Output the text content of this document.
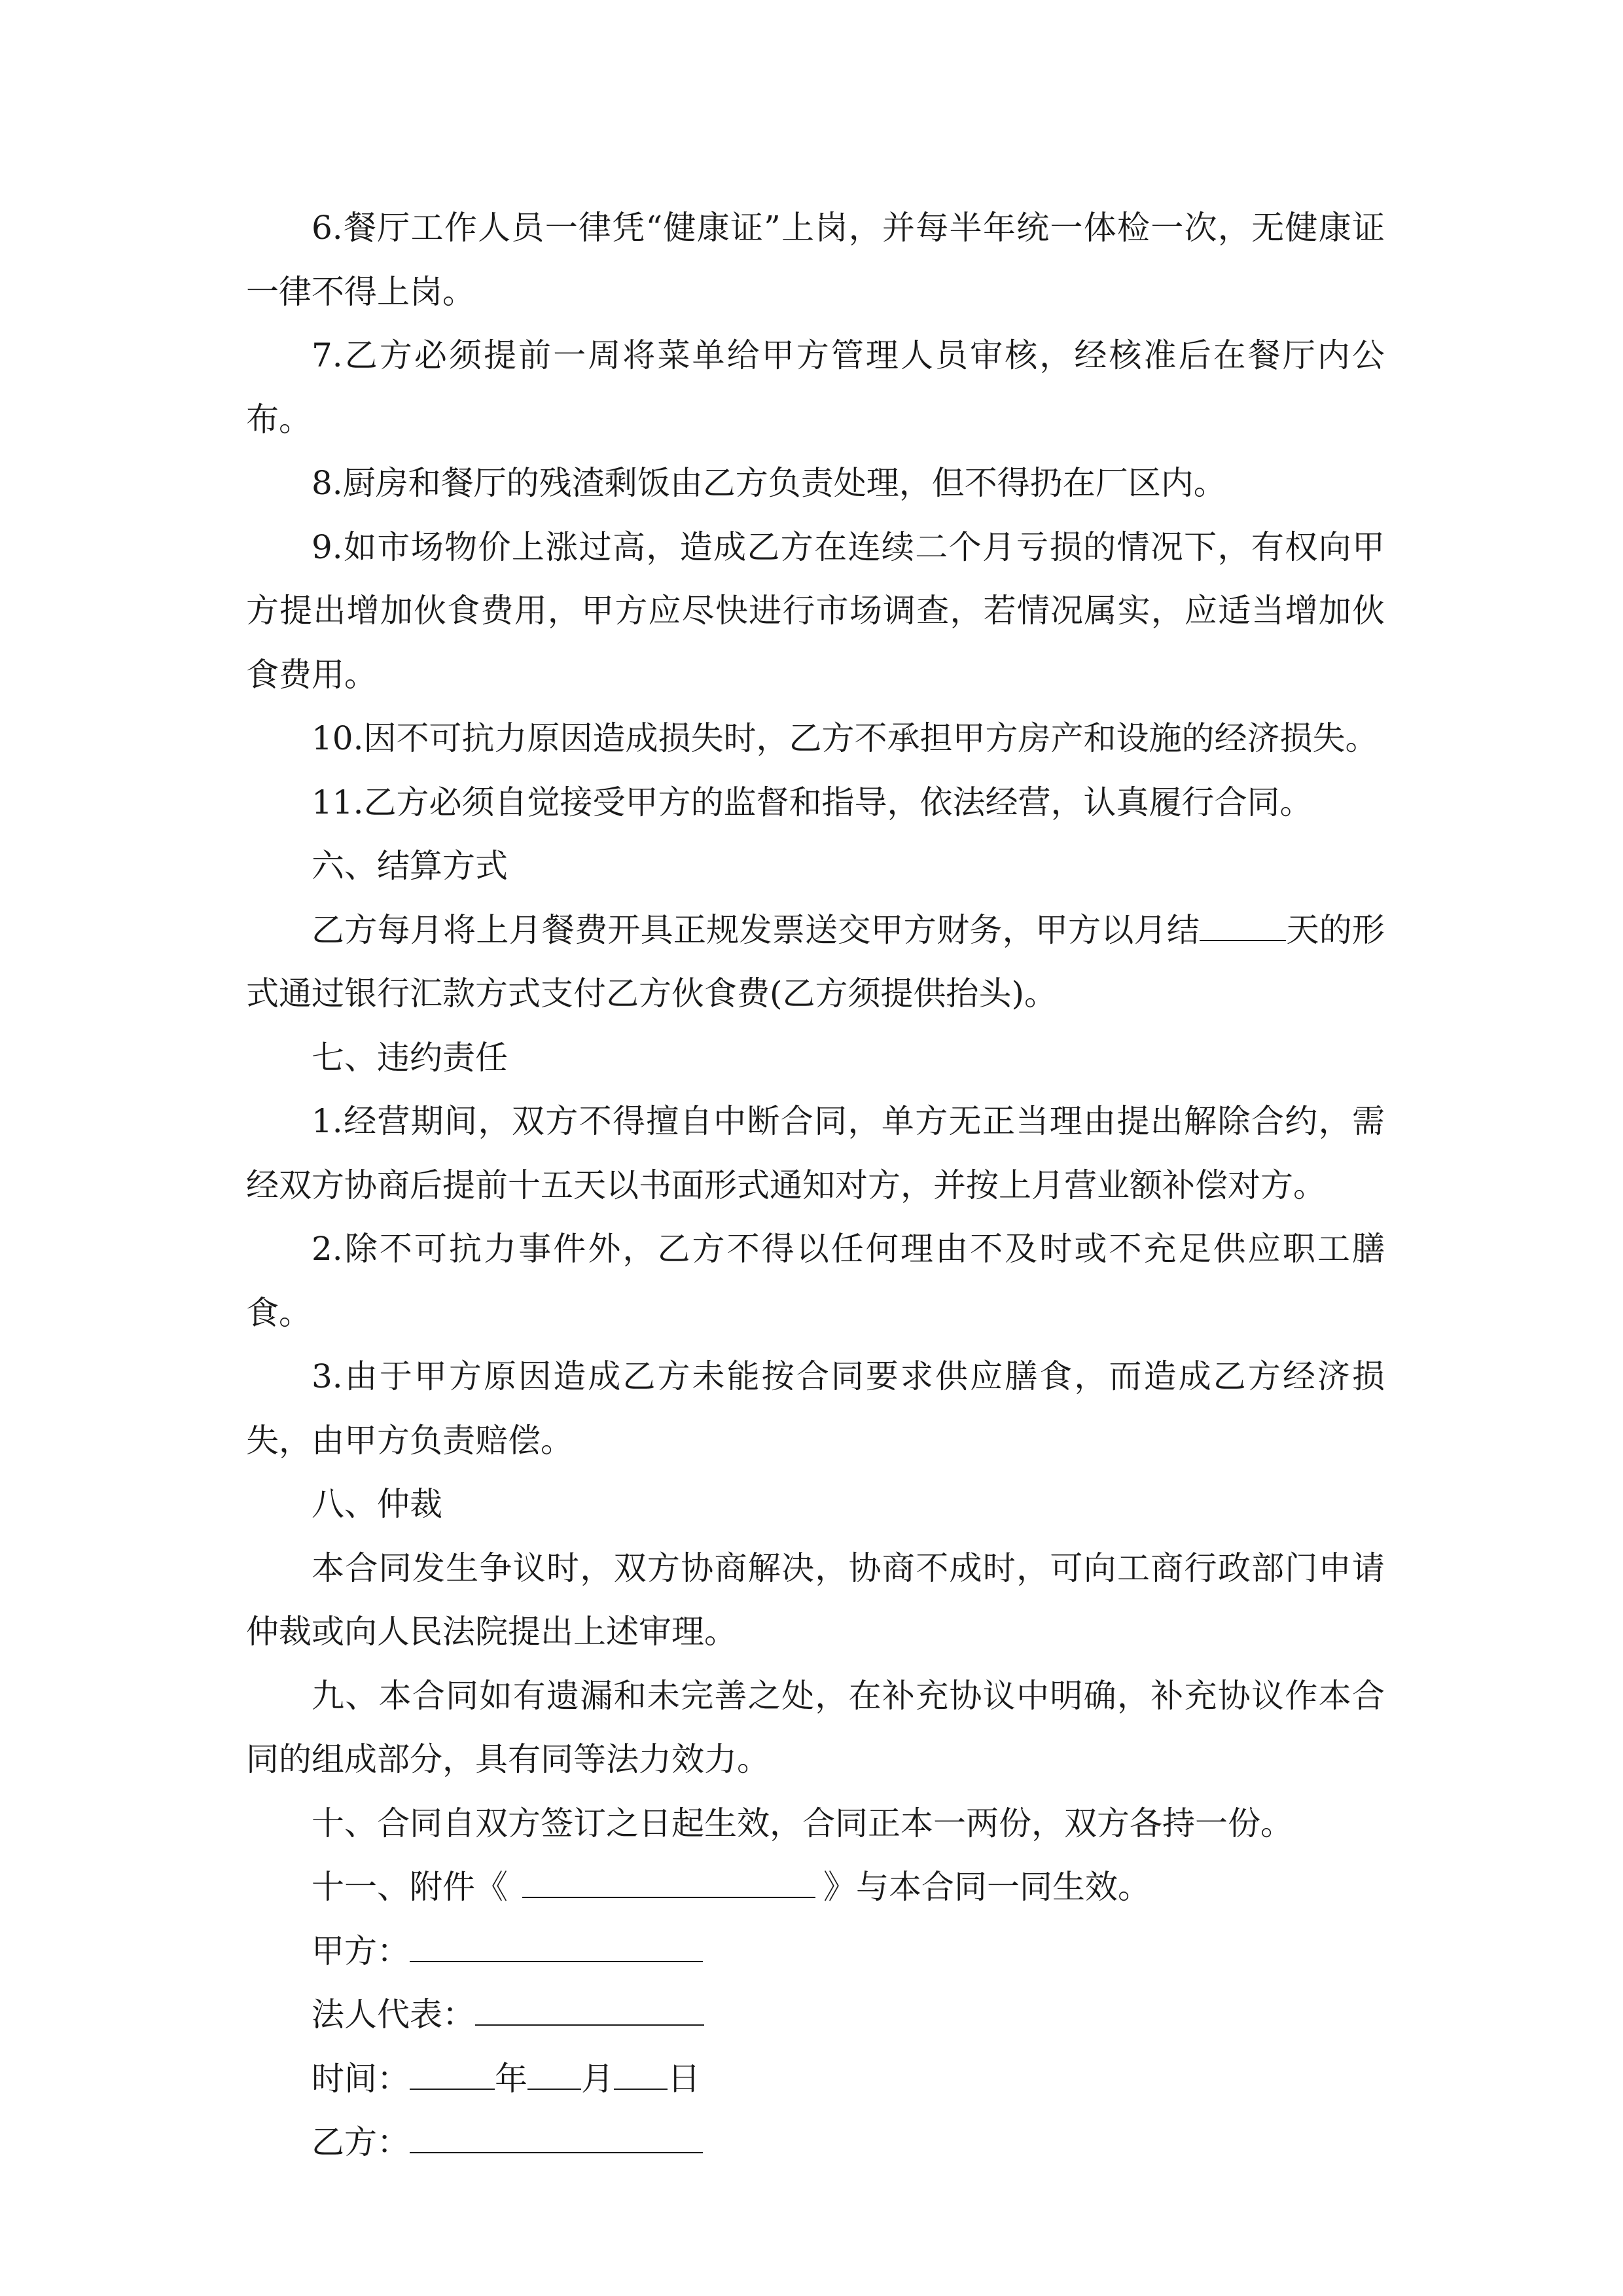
6.餐厅工作人员一律凭“健康证”上岗，并每半年统一体检一次，无健康证一律不得上岗。

7.乙方必须提前一周将菜单给甲方管理人员审核，经核准后在餐厅内公布。

8.厨房和餐厅的残渣剩饭由乙方负责处理，但不得扔在厂区内。

9.如市场物价上涨过高，造成乙方在连续二个月亏损的情况下，有权向甲方提出增加伙食费用，甲方应尽快进行市场调查，若情况属实，应适当增加伙食费用。

10.因不可抗力原因造成损失时，乙方不承担甲方房产和设施的经济损失。

11.乙方必须自觉接受甲方的监督和指导，依法经营，认真履行合同。

六、结算方式

乙方每月将上月餐费开具正规发票送交甲方财务，甲方以月结	天的形式通过银行汇款方式支付乙方伙食费(乙方须提供抬头)。

七、违约责任

1.经营期间，双方不得擅自中断合同，单方无正当理由提出解除合约，需经双方协商后提前十五天以书面形式通知对方，并按上月营业额补偿对方。

2.除不可抗力事件外，乙方不得以任何理由不及时或不充足供应职工膳食。

3.由于甲方原因造成乙方未能按合同要求供应膳食，而造成乙方经济损失，由甲方负责赔偿。

八、仲裁

本合同发生争议时，双方协商解决，协商不成时，可向工商行政部门申请仲裁或向人民法院提出上述审理。

九、本合同如有遗漏和未完善之处，在补充协议中明确，补充协议作本合同的组成部分，具有同等法力效力。

十、合同自双方签订之日起生效，合同正本一两份，双方各持一份。

十一、附件《	》与本合同一同生效。

甲方：

法人代表：

时间：	年 月 日

乙方：
